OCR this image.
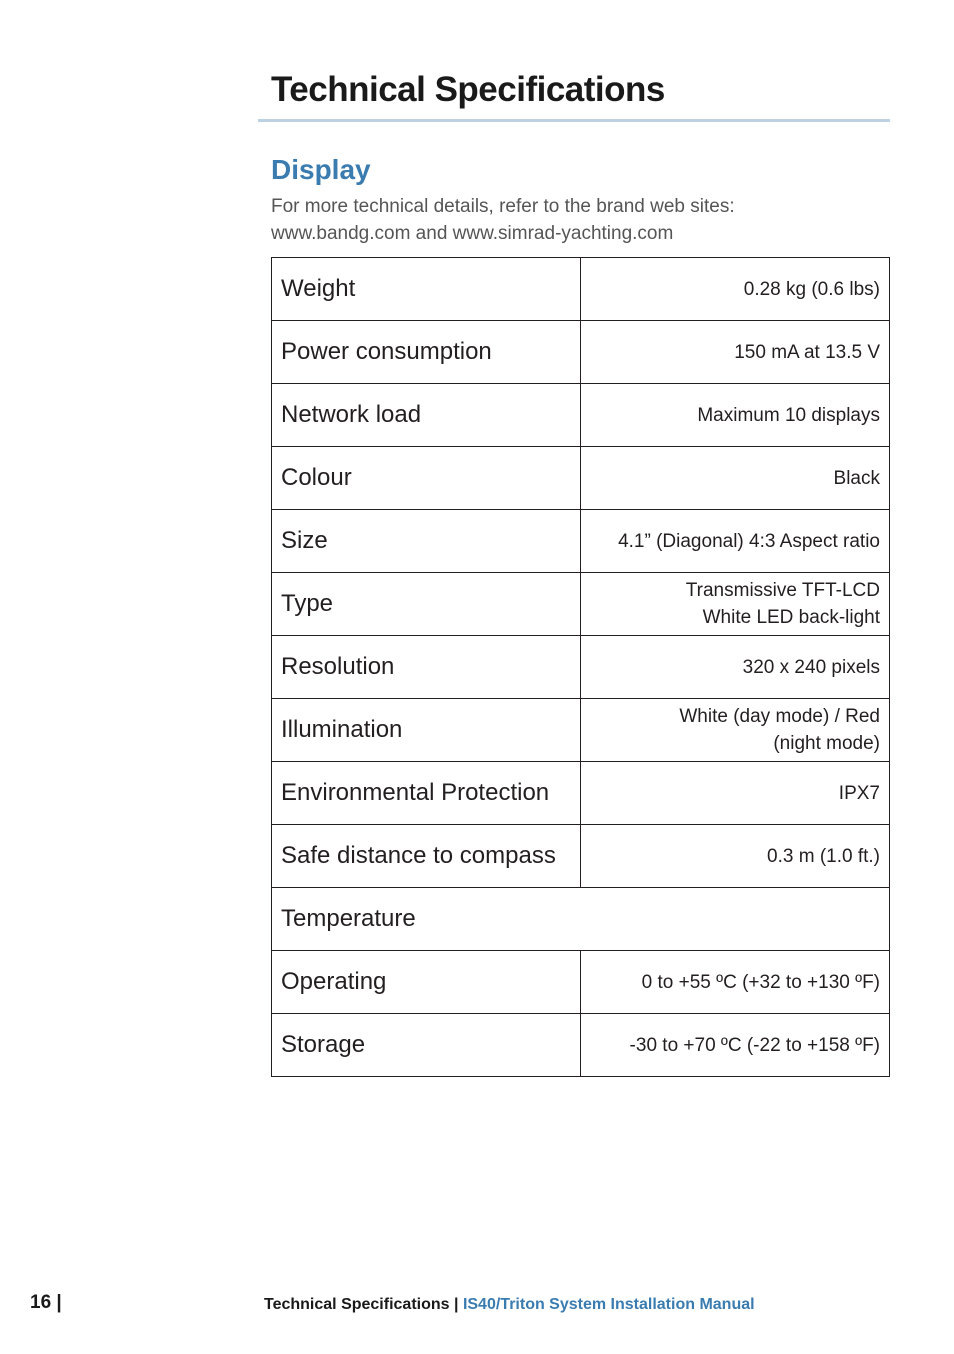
Technical Specifications
Display

For more technical details, refer to the brand web sites:
www.bandg.com and www.simrad-yachting.com

Weight	0.28 kg (0.6 lbs)
Power consumption	150 mA at 13.5 V
Network load	Maximum 10 displays
Colour	Black
Size	4.1” (Diagonal) 4:3 Aspect ratio
Type	Transmissive TFT-LCD
White LED back-light

Resolution	320 x 240 pixels
Illumination	White (day mode) / Red
(night mode)

Environmental Protection	IPX7
Safe distance to compass	0.3 m (1.0 ft.)
Temperature	
Operating	0 to +55 ºC (+32 to +130 ºF)
Storage	-30 to +70 ºC (-22 to +158 ºF)
16 |	Technical Specifications | IS40/Triton System Installation Manual
